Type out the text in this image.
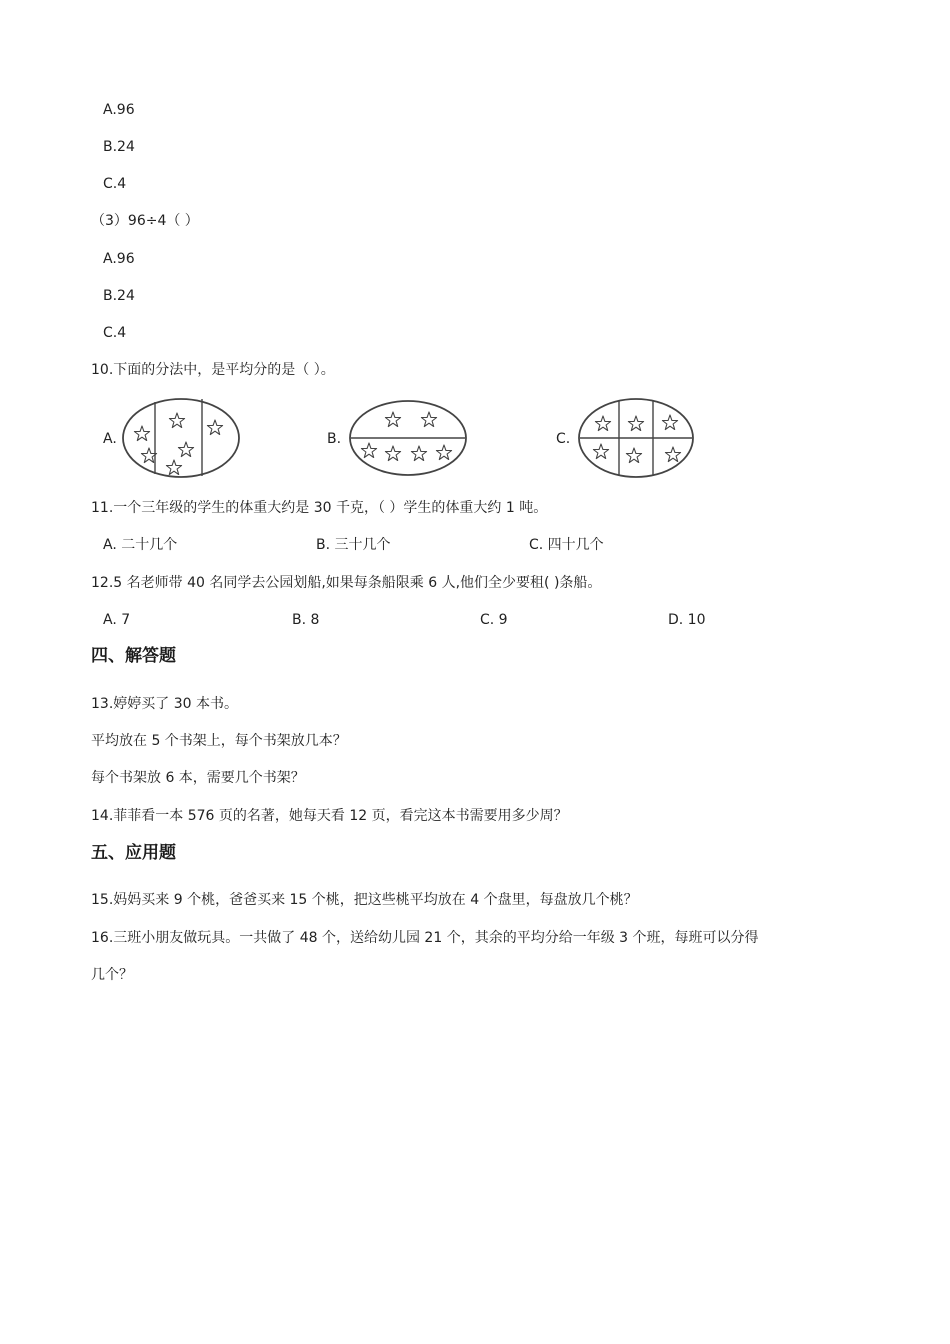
A.96
B.24
C.4
（3）96÷4（ ）
A.96
B.24
C.4
10.下面的分法中，是平均分的是（ ）。
A.	B.	C.
11.一个三年级的学生的体重大约是 30 千克，（ ）学生的体重大约 1 吨。
A. 二十几个	B. 三十几个	C. 四十几个
12.5 名老师带 40 名同学去公园划船,如果每条船限乘 6 人,他们全少要租( )条船。
A. 7	B. 8	C. 9	D. 10
四、解答题
13.婷婷买了 30 本书。
平均放在 5 个书架上，每个书架放几本？
每个书架放 6 本，需要几个书架？
14.菲菲看一本 576 页的名著，她每天看 12 页，看完这本书需要用多少周？
五、应用题
15.妈妈买来 9 个桃，爸爸买来 15 个桃，把这些桃平均放在 4 个盘里，每盘放几个桃？
16.三班小朋友做玩具。一共做了 48 个，送给幼儿园 21 个，其余的平均分给一年级 3 个班，每班可以分得
几个？
